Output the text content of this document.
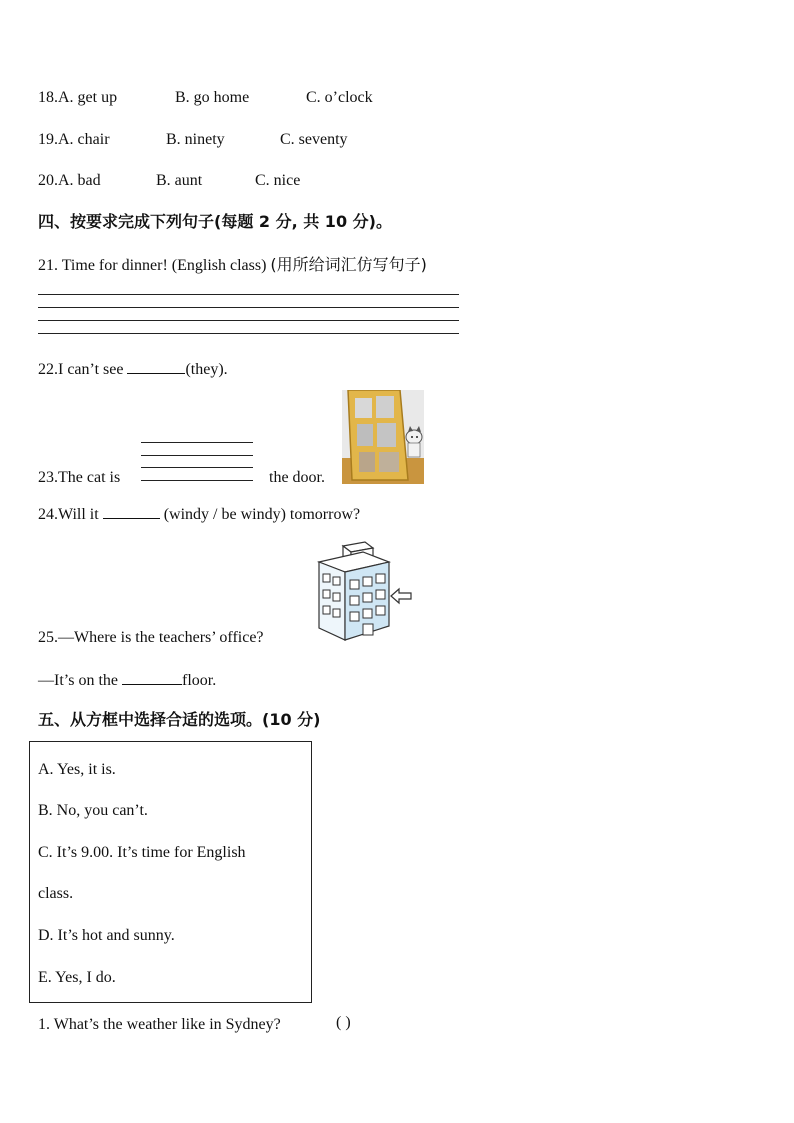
18.A. get up	B. go home	C. o’clock
19.A. chair	B. ninety	C. seventy
20.A. bad	B. aunt	C. nice
四、按要求完成下列句子(每题 2 分, 共 10 分)。
21. Time for dinner! (English class) (用所给词汇仿写句子)
22.I can’t see	(they).
23.The cat is	the door.
24.Will it	(windy / be windy) tomorrow?
25.—Where is the teachers’ office?
—It’s on the	floor.
五、从方框中选择合适的选项。(10 分)
A. Yes, it is.
B. No, you can’t.
C. It’s 9.00. It’s time for English
class.
D. It’s hot and sunny.
E. Yes, I do.
1. What’s the weather like in Sydney?	( )
